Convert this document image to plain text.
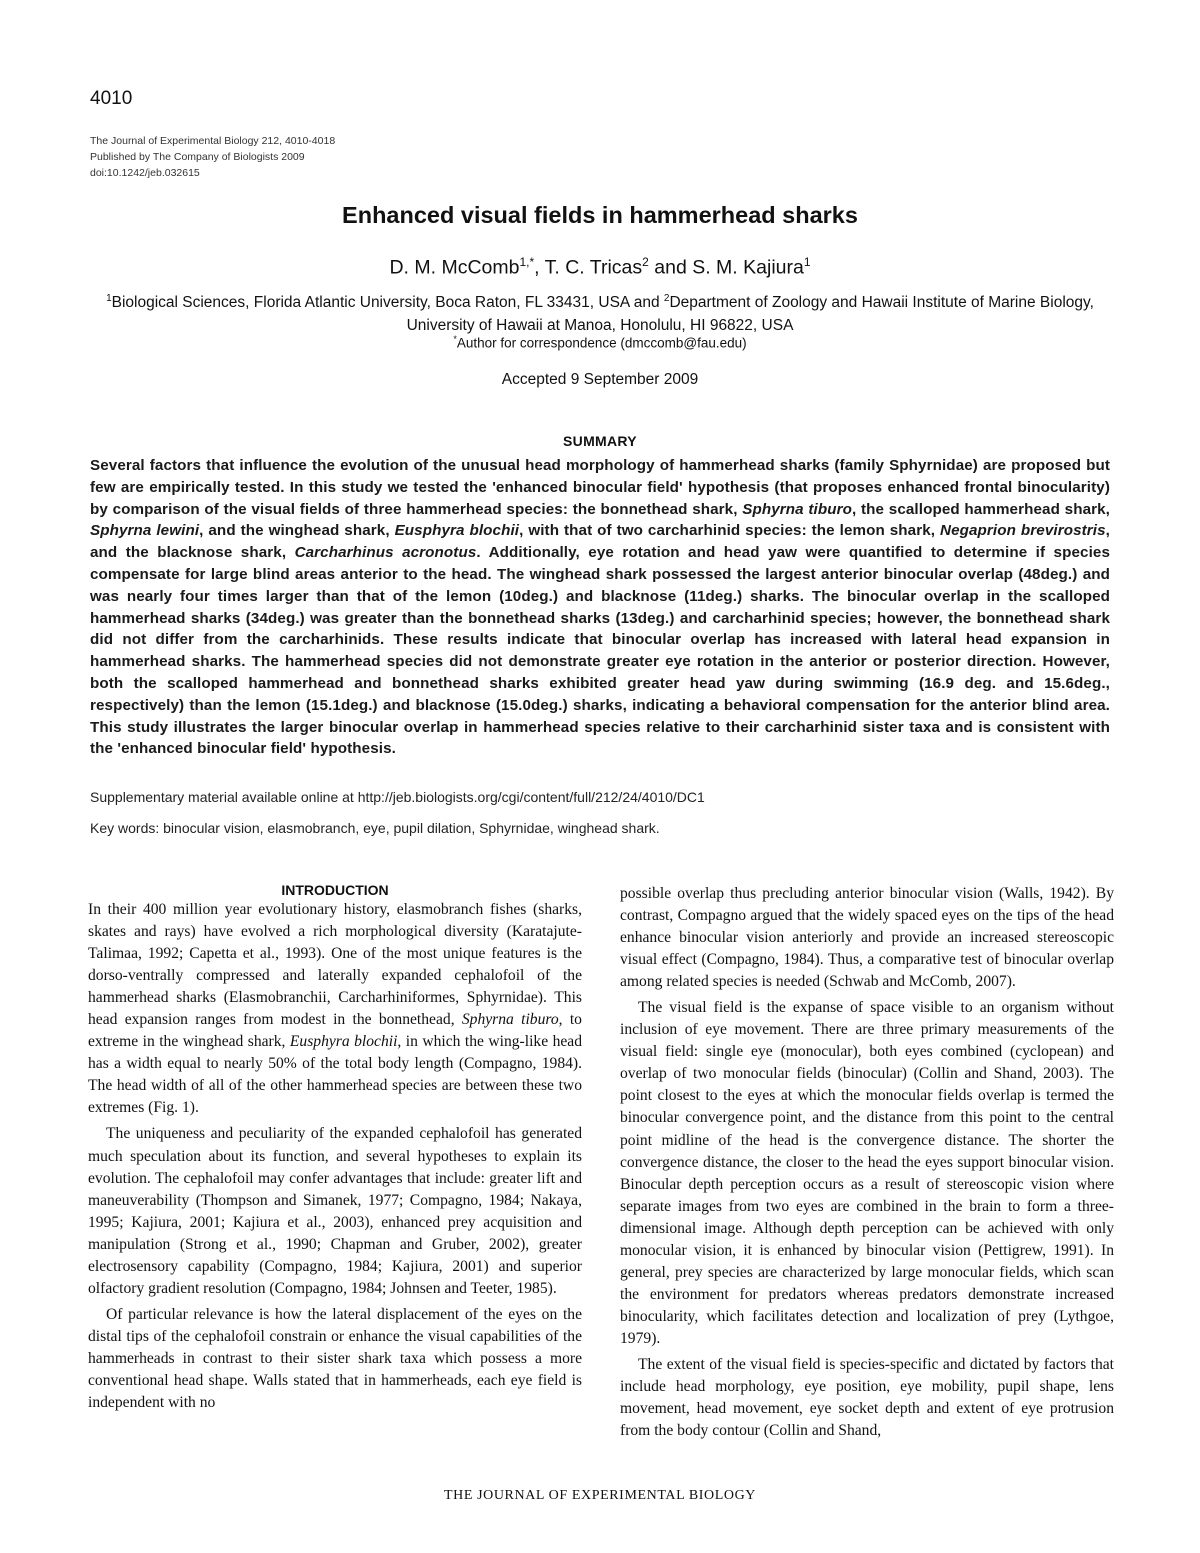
4010
The Journal of Experimental Biology 212, 4010-4018
Published by The Company of Biologists 2009
doi:10.1242/jeb.032615
Enhanced visual fields in hammerhead sharks
D. M. McComb$^{1,*}$, T. C. Tricas$^2$ and S. M. Kajiura$^1$
$^1$Biological Sciences, Florida Atlantic University, Boca Raton, FL 33431, USA and $^2$Department of Zoology and Hawaii Institute of Marine Biology, University of Hawaii at Manoa, Honolulu, HI 96822, USA
*Author for correspondence (dmccomb@fau.edu)
Accepted 9 September 2009
SUMMARY
Several factors that influence the evolution of the unusual head morphology of hammerhead sharks (family Sphyrnidae) are proposed but few are empirically tested. In this study we tested the 'enhanced binocular field' hypothesis (that proposes enhanced frontal binocularity) by comparison of the visual fields of three hammerhead species: the bonnethead shark, Sphyrna tiburo, the scalloped hammerhead shark, Sphyrna lewini, and the winghead shark, Eusphyra blochii, with that of two carcharhinid species: the lemon shark, Negaprion brevirostris, and the blacknose shark, Carcharhinus acronotus. Additionally, eye rotation and head yaw were quantified to determine if species compensate for large blind areas anterior to the head. The winghead shark possessed the largest anterior binocular overlap (48deg.) and was nearly four times larger than that of the lemon (10deg.) and blacknose (11deg.) sharks. The binocular overlap in the scalloped hammerhead sharks (34deg.) was greater than the bonnethead sharks (13deg.) and carcharhinid species; however, the bonnethead shark did not differ from the carcharhinids. These results indicate that binocular overlap has increased with lateral head expansion in hammerhead sharks. The hammerhead species did not demonstrate greater eye rotation in the anterior or posterior direction. However, both the scalloped hammerhead and bonnethead sharks exhibited greater head yaw during swimming (16.9 deg. and 15.6deg., respectively) than the lemon (15.1deg.) and blacknose (15.0deg.) sharks, indicating a behavioral compensation for the anterior blind area. This study illustrates the larger binocular overlap in hammerhead species relative to their carcharhinid sister taxa and is consistent with the 'enhanced binocular field' hypothesis.
Supplementary material available online at http://jeb.biologists.org/cgi/content/full/212/24/4010/DC1
Key words: binocular vision, elasmobranch, eye, pupil dilation, Sphyrnidae, winghead shark.
INTRODUCTION

In their 400 million year evolutionary history, elasmobranch fishes (sharks, skates and rays) have evolved a rich morphological diversity (Karatajute-Talimaa, 1992; Capetta et al., 1993). One of the most unique features is the dorso-ventrally compressed and laterally expanded cephalofoil of the hammerhead sharks (Elasmobranchii, Carcharhiniformes, Sphyrnidae). This head expansion ranges from modest in the bonnethead, Sphyrna tiburo, to extreme in the winghead shark, Eusphyra blochii, in which the wing-like head has a width equal to nearly 50% of the total body length (Compagno, 1984). The head width of all of the other hammerhead species are between these two extremes (Fig. 1).

The uniqueness and peculiarity of the expanded cephalofoil has generated much speculation about its function, and several hypotheses to explain its evolution. The cephalofoil may confer advantages that include: greater lift and maneuverability (Thompson and Simanek, 1977; Compagno, 1984; Nakaya, 1995; Kajiura, 2001; Kajiura et al., 2003), enhanced prey acquisition and manipulation (Strong et al., 1990; Chapman and Gruber, 2002), greater electrosensory capability (Compagno, 1984; Kajiura, 2001) and superior olfactory gradient resolution (Compagno, 1984; Johnsen and Teeter, 1985).

Of particular relevance is how the lateral displacement of the eyes on the distal tips of the cephalofoil constrain or enhance the visual capabilities of the hammerheads in contrast to their sister shark taxa which possess a more conventional head shape. Walls stated that in hammerheads, each eye field is independent with no

possible overlap thus precluding anterior binocular vision (Walls, 1942). By contrast, Compagno argued that the widely spaced eyes on the tips of the head enhance binocular vision anteriorly and provide an increased stereoscopic visual effect (Compagno, 1984). Thus, a comparative test of binocular overlap among related species is needed (Schwab and McComb, 2007).

The visual field is the expanse of space visible to an organism without inclusion of eye movement. There are three primary measurements of the visual field: single eye (monocular), both eyes combined (cyclopean) and overlap of two monocular fields (binocular) (Collin and Shand, 2003). The point closest to the eyes at which the monocular fields overlap is termed the binocular convergence point, and the distance from this point to the central point midline of the head is the convergence distance. The shorter the convergence distance, the closer to the head the eyes support binocular vision. Binocular depth perception occurs as a result of stereoscopic vision where separate images from two eyes are combined in the brain to form a three-dimensional image. Although depth perception can be achieved with only monocular vision, it is enhanced by binocular vision (Pettigrew, 1991). In general, prey species are characterized by large monocular fields, which scan the environment for predators whereas predators demonstrate increased binocularity, which facilitates detection and localization of prey (Lythgoe, 1979).

The extent of the visual field is species-specific and dictated by factors that include head morphology, eye position, eye mobility, pupil shape, lens movement, head movement, eye socket depth and extent of eye protrusion from the body contour (Collin and Shand,

THE JOURNAL OF EXPERIMENTAL BIOLOGY
